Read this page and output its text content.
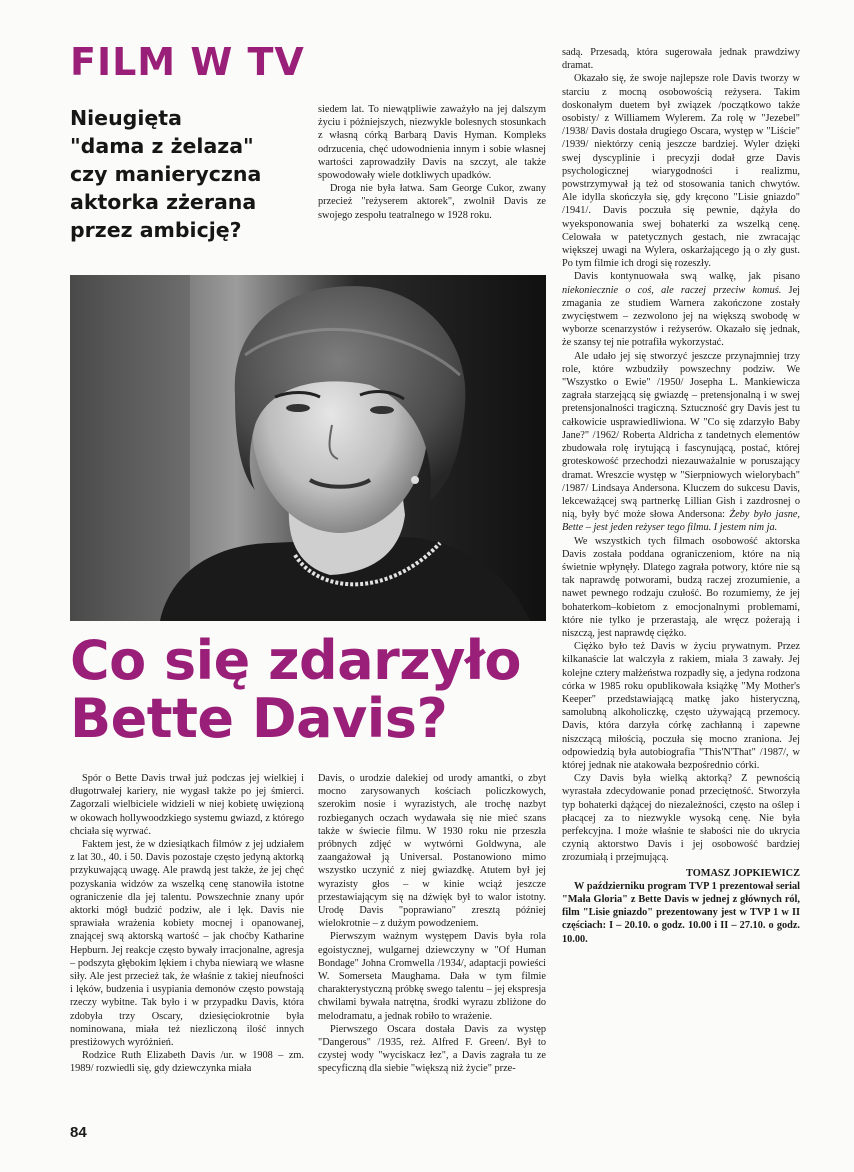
FILM W TV
Nieugięta
"dama z żelaza"
czy manieryczna
aktorka zżerana
przez ambicję?

siedem lat. To niewątpliwie zaważyło na jej dalszym życiu i późniejszych, niezwykle bolesnych stosunkach z własną córką Barbarą Davis Hyman. Kompleks odrzucenia, chęć udowodnienia innym i sobie własnej wartości zaprowadziły Davis na szczyt, ale także spowodowały wiele dotkliwych upadków.

Droga nie była łatwa. Sam George Cukor, zwany przecież "reżyserem aktorek", zwolnił Davis ze swojego zespołu teatralnego w 1928 roku.

sadą. Przesadą, która sugerowała jednak prawdziwy dramat.

Okazało się, że swoje najlepsze role Davis tworzy w starciu z mocną osobowością reżysera. Takim doskonałym duetem był związek /początkowo także osobisty/ z Williamem Wylerem. Za rolę w "Jezebel" /1938/ Davis dostała drugiego Oscara, występ w "Liście" /1939/ niektórzy cenią jeszcze bardziej. Wyler dzięki swej dyscyplinie i precyzji dodał grze Davis psychologicznej wiarygodności i realizmu, powstrzymywał ją też od stosowania tanich chwytów. Ale idylla skończyła się, gdy kręcono "Lisie gniazdo" /1941/. Davis poczuła się pewnie, dążyła do wyeksponowania swej bohaterki za wszelką cenę. Celowała w patetycznych gestach, nie zwracając większej uwagi na Wylera, oskarżającego ją o zły gust. Po tym filmie ich drogi się rozeszły.

Davis kontynuowała swą walkę, jak pisano niekoniecznie o coś, ale raczej przeciw komuś. Jej zmagania ze studiem Warnera zakończone zostały zwycięstwem – zezwolono jej na większą swobodę w wyborze scenarzystów i reżyserów. Okazało się jednak, że szansy tej nie potrafiła wykorzystać.

Ale udało jej się stworzyć jeszcze przynajmniej trzy role, które wzbudziły powszechny podziw. We "Wszystko o Ewie" /1950/ Josepha L. Mankiewicza zagrała starzejącą się gwiazdę – pretensjonalną i w swej pretensjonalności tragiczną. Sztuczność gry Davis jest tu całkowicie usprawiedliwiona. W "Co się zdarzyło Baby Jane?" /1962/ Roberta Aldricha z tandetnych elementów zbudowała rolę irytującą i fascynującą, postać, której groteskowość przechodzi niezauważalnie w poruszający dramat. Wreszcie występ w "Sierpniowych wielorybach" /1987/ Lindsaya Andersona. Kluczem do sukcesu Davis, lekceważącej swą partnerkę Lillian Gish i zazdrosnej o nią, były być może słowa Andersona: Żeby było jasne, Bette – jest jeden reżyser tego filmu. I jestem nim ja.

We wszystkich tych filmach osobowość aktorska Davis została poddana ograniczeniom, które na nią świetnie wpłynęły. Dlatego zagrała potwory, które nie są tak naprawdę potworami, budzą raczej zrozumienie, a nawet pewnego rodzaju czułość. Bo rozumiemy, że jej bohaterkom–kobietom z emocjonalnymi problemami, które nie tylko je przerastają, ale wręcz pożerają i niszczą, jest naprawdę ciężko.

Ciężko było też Davis w życiu prywatnym. Przez kilkanaście lat walczyła z rakiem, miała 3 zawały. Jej kolejne cztery małżeństwa rozpadły się, a jedyna rodzona córka w 1985 roku opublikowała książkę "My Mother's Keeper" przedstawiającą matkę jako histeryczną, samolubną alkoholiczkę, często używającą przemocy. Davis, która darzyła córkę zachłanną i zapewne niszczącą miłością, poczuła się mocno zraniona. Jej odpowiedzią była autobiografia "This'N'That" /1987/, w której jednak nie atakowała bezpośrednio córki.

Czy Davis była wielką aktorką? Z pewnością wyrastała zdecydowanie ponad przeciętność. Stworzyła typ bohaterki dążącej do niezależności, często na oślep i płacącej za to niezwykle wysoką cenę. Nie była perfekcyjna. I może właśnie te słabości nie do ukrycia czynią aktorstwo Davis i jej osobowość bardziej zrozumiałą i przejmującą.

TOMASZ JOPKIEWICZ

W październiku program TVP 1 prezentował serial "Mała Gloria" z Bette Davis w jednej z głównych ról, film "Lisie gniazdo" prezentowany jest w TVP 1 w II częściach: I – 20.10. o godz. 10.00 i II – 27.10. o godz. 10.00.

Co się zdarzyło
Bette Davis?

Spór o Bette Davis trwał już podczas jej wielkiej i długotrwałej kariery, nie wygasł także po jej śmierci. Zagorzali wielbiciele widzieli w niej kobietę uwięzioną w okowach hollywoodzkiego systemu gwiazd, z którego chciała się wyrwać.

Faktem jest, że w dziesiątkach filmów z jej udziałem z lat 30., 40. i 50. Davis pozostaje często jedyną aktorką przykuwającą uwagę. Ale prawdą jest także, że jej chęć pozyskania widzów za wszelką cenę stanowiła istotne ograniczenie dla jej talentu. Powszechnie znany upór aktorki mógł budzić podziw, ale i lęk. Davis nie sprawiała wrażenia kobiety mocnej i opanowanej, znającej swą aktorską wartość – jak choćby Katharine Hepburn. Jej reakcje często bywały irracjonalne, agresja – podszyta głębokim lękiem i chyba niewiarą we własne siły. Ale jest przecież tak, że właśnie z takiej nieufności i lęków, budzenia i usypiania demonów często powstają rzeczy wybitne. Tak było i w przypadku Davis, która zdobyła trzy Oscary, dziesięciokrotnie była nominowana, miała też niezliczoną ilość innych prestiżowych wyróżnień.

Rodzice Ruth Elizabeth Davis /ur. w 1908 – zm. 1989/ rozwiedli się, gdy dziewczynka miała

Davis, o urodzie dalekiej od urody amantki, o zbyt mocno zarysowanych kościach policzkowych, szerokim nosie i wyrazistych, ale trochę nazbyt rozbieganych oczach wydawała się nie mieć szans także w świecie filmu. W 1930 roku nie przeszła próbnych zdjęć w wytwórni Goldwyna, ale zaangażował ją Universal. Postanowiono mimo wszystko uczynić z niej gwiazdkę. Atutem był jej wyrazisty głos – w kinie wciąż jeszcze przestawiającym się na dźwięk był to walor istotny. Urodę Davis "poprawiano" zresztą później wielokrotnie – z dużym powodzeniem.

Pierwszym ważnym występem Davis była rola egoistycznej, wulgarnej dziewczyny w "Of Human Bondage" Johna Cromwella /1934/, adaptacji powieści W. Somerseta Maughama. Dała w tym filmie charakterystyczną próbkę swego talentu – jej ekspresja chwilami bywała natrętna, środki wyrazu zbliżone do melodramatu, a jednak robiło to wrażenie.

Pierwszego Oscara dostała Davis za występ "Dangerous" /1935, reż. Alfred F. Green/. Był to czystej wody "wyciskacz łez", a Davis zagrała tu ze specyficzną dla siebie "większą niż życie" prze-

84
